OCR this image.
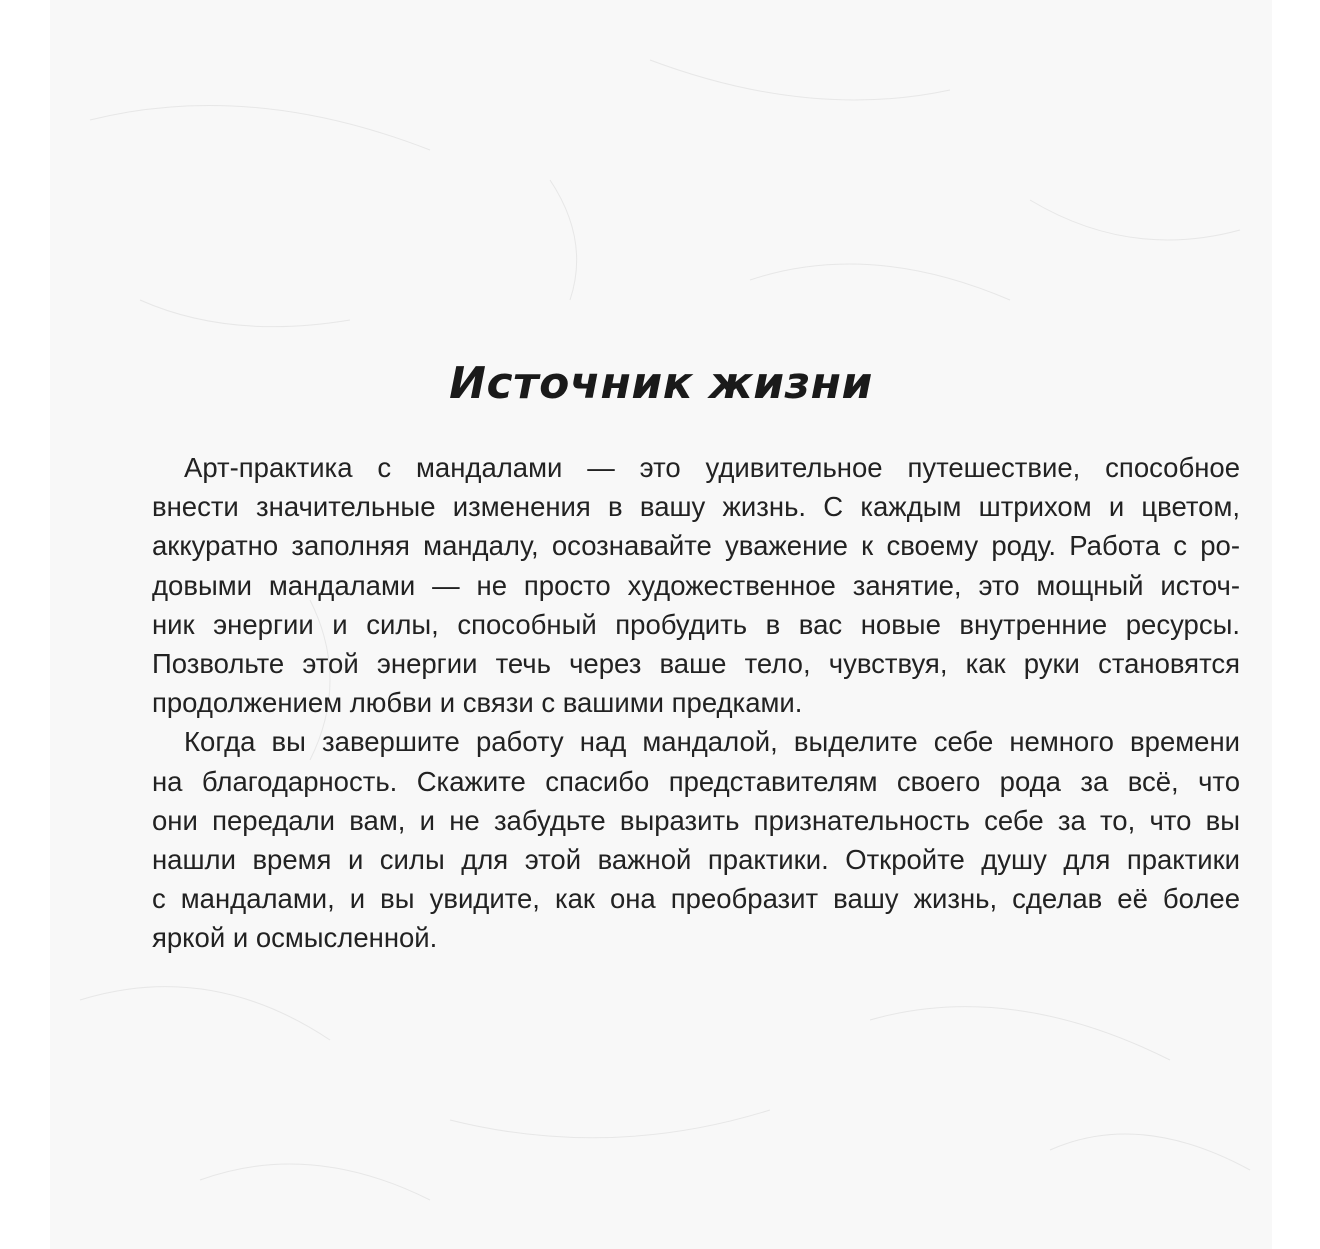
Источник жизни
Арт-практика с мандалами — это удивительное путешествие, способное
внести значительные изменения в вашу жизнь. С каждым штрихом и цветом,
аккуратно заполняя мандалу, осознавайте уважение к своему роду. Работа с ро-
довыми мандалами — не просто художественное занятие, это мощный источ-
ник энергии и силы, способный пробудить в вас новые внутренние ресурсы.
Позвольте этой энергии течь через ваше тело, чувствуя, как руки становятся
продолжением любви и связи с вашими предками.
Когда вы завершите работу над мандалой, выделите себе немного времени
на благодарность. Скажите спасибо представителям своего рода за всё, что
они передали вам, и не забудьте выразить признательность себе за то, что вы
нашли время и силы для этой важной практики. Откройте душу для практики
с мандалами, и вы увидите, как она преобразит вашу жизнь, сделав её более
яркой и осмысленной.
